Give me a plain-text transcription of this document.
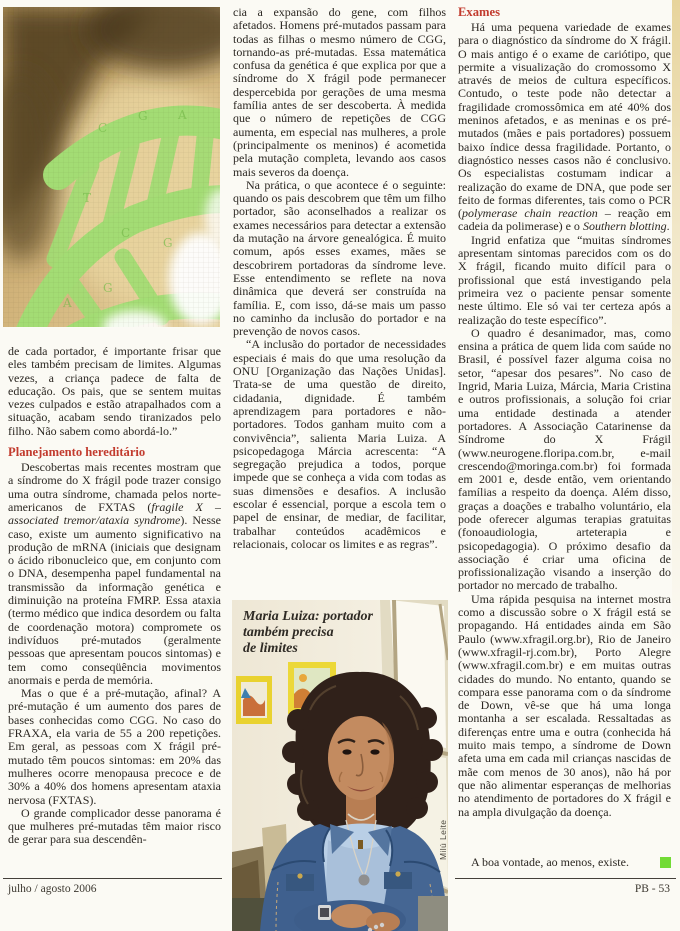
C
G	A
T
C
G
A
G

de cada portador, é importante frisar que eles também precisam de limites. Algumas vezes, a criança padece de falta de educação. Os pais, que se sentem muitas vezes culpados e estão atrapalhados com a situação, acabam sendo tiranizados pelo filho. Não sabem como abordá-lo.”

Planejamento hereditário

Descobertas mais recentes mostram que a síndrome do X frágil pode trazer consigo uma outra síndrome, chamada pelos norte-americanos de FXTAS (fragile X – associated tremor/ataxia syndrome). Nesse caso, existe um aumento significativo na produção de mRNA (iniciais que designam o ácido ribonucleico que, em conjunto com o DNA, desempenha papel fundamental na transmissão da informação genética e diminuição na proteína FMRP. Essa ataxia (termo médico que indica desordem ou falta de coordenação motora) compromete os indivíduos pré-mutados (geralmente pessoas que apresentam poucos sintomas) e tem como conseqüência movimentos anormais e perda de memória.

Mas o que é a pré-mutação, afinal? A pré-mutação é um aumento dos pares de bases conhecidas como CGG. No caso do FRAXA, ela varia de 55 a 200 repetições. Em geral, as pessoas com X frágil pré-mutado têm poucos sintomas: em 20% das mulheres ocorre menopausa precoce e de 30% a 40% dos homens apresentam ataxia nervosa (FXTAS).

O grande complicador desse panorama é que mulheres pré-mutadas têm maior risco de gerar para sua descendên-

cia a expansão do gene, com filhos afetados. Homens pré-mutados passam para todas as filhas o mesmo número de CGG, tornando-as pré-mutadas. Essa matemática confusa da genética é que explica por que a síndrome do X frágil pode permanecer despercebida por gerações de uma mesma família antes de ser descoberta. À medida que o número de repetições de CGG aumenta, em especial nas mulheres, a prole (principalmente os meninos) é acometida pela mutação completa, levando aos casos mais severos da doença.

Na prática, o que acontece é o seguinte: quando os pais descobrem que têm um filho portador, são aconselhados a realizar os exames necessários para detectar a extensão da mutação na árvore genealógica. É muito comum, após esses exames, mães se descobrirem portadoras da síndrome leve. Esse entendimento se reflete na nova dinâmica que deverá ser construída na família. E, com isso, dá-se mais um passo no caminho da inclusão do portador e na prevenção de novos casos.

“A inclusão do portador de necessidades especiais é mais do que uma resolução da ONU [Organização das Nações Unidas]. Trata-se de uma questão de direito, cidadania, dignidade. É também aprendizagem para portadores e não-portadores. Todos ganham muito com a convivência”, salienta Maria Luiza. A psicopedagoga Márcia acrescenta: “A segregação prejudica a todos, porque impede que se conheça a vida com todas as suas dimensões e desafios. A inclusão escolar é essencial, porque a escola tem o papel de ensinar, de mediar, de facilitar, trabalhar conteúdos acadêmicos e relacionais, colocar os limites e as regras”.

Maria Luiza: portador
também precisa
de limites
Milú Leite
Exames

Há uma pequena variedade de exames para o diagnóstico da síndrome do X frágil. O mais antigo é o exame de cariótipo, que permite a visualização do cromossomo X através de meios de cultura específicos. Contudo, o teste pode não detectar a fragilidade cromossômica em até 40% dos meninos afetados, e as meninas e os pré-mutados (mães e pais portadores) possuem baixo índice dessa fragilidade. Portanto, o diagnóstico nesses casos não é conclusivo. Os especialistas costumam indicar a realização do exame de DNA, que pode ser feito de formas diferentes, tais como o PCR (polymerase chain reaction – reação em cadeia da polimerase) e o Southern blotting.

Ingrid enfatiza que “muitas síndromes apresentam sintomas parecidos com os do X frágil, ficando muito difícil para o profissional que está investigando pela primeira vez o paciente pensar somente neste último. Ele só vai ter certeza após a realização do teste específico”.

O quadro é desanimador, mas, como ensina a prática de quem lida com saúde no Brasil, é possível fazer alguma coisa no setor, “apesar dos pesares”. No caso de Ingrid, Maria Luiza, Márcia, Maria Cristina e outros profissionais, a solução foi criar uma entidade destinada a atender portadores. A Associação Catarinense da Síndrome do X Frágil (www.neurogene.floripa.com.br, e-mail crescendo@moringa.com.br) foi formada em 2001 e, desde então, vem orientando famílias a respeito da doença. Além disso, graças a doações e trabalho voluntário, ela pode oferecer algumas terapias gratuitas (fonoaudiologia, arteterapia e psicopedagogia). O próximo desafio da associação é criar uma oficina de profissionalização visando a inserção do portador no mercado de trabalho.

Uma rápida pesquisa na internet mostra como a discussão sobre o X frágil está se propagando. Há entidades ainda em São Paulo (www.xfragil.org.br), Rio de Janeiro (www.xfragil-rj.com.br), Porto Alegre (www.xfragil.com.br) e em muitas outras cidades do mundo. No entanto, quando se compara esse panorama com o da síndrome de Down, vê-se que há uma longa montanha a ser escalada. Ressaltadas as diferenças entre uma e outra (conhecida há muito mais tempo, a síndrome de Down afeta uma em cada mil crianças nascidas de mãe com menos de 30 anos), não há por que não alimentar esperanças de melhorias no atendimento de portadores do X frágil e na ampla divulgação da doença.

A boa vontade, ao menos, existe.
julho / agosto 2006	PB - 53
